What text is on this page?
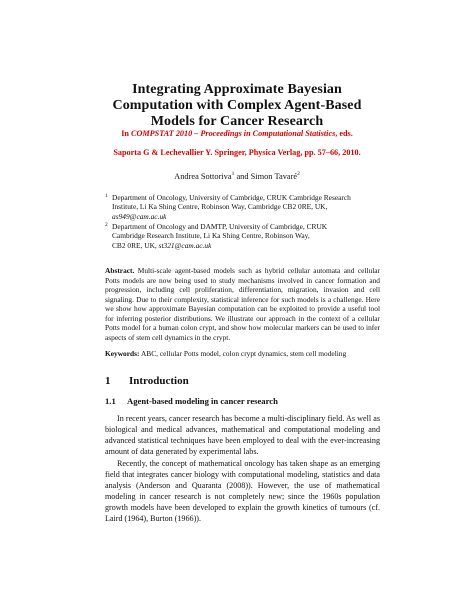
Integrating Approximate Bayesian
Computation with Complex Agent-Based
Models for Cancer Research
In COMPSTAT 2010 – Proceedings in Computational Statistics, eds.
Saporta G & Lechevallier Y. Springer, Physica Verlag, pp. 57–66, 2010.
Andrea Sottoriva$^1$ and Simon Tavaré$^2$
1 Department of Oncology, University of Cambridge, CRUK Cambridge Research
Institute, Li Ka Shing Centre, Robinson Way, Cambridge CB2 0RE, UK,
as949@cam.ac.uk
2 Department of Oncology and DAMTP, University of Cambridge, CRUK
Cambridge Research Institute, Li Ka Shing Centre, Robinson Way,
CB2 0RE, UK, st321@cam.ac.uk
Abstract. Multi-scale agent-based models such as hybrid cellular automata and cellular Potts models are now being used to study mechanisms involved in cancer formation and progression, including cell proliferation, differentiation, migration, invasion and cell signaling. Due to their complexity, statistical inference for such models is a challenge. Here we show how approximate Bayesian computation can be exploited to provide a useful tool for inferring posterior distributions. We illustrate our approach in the context of a cellular Potts model for a human colon crypt, and show how molecular markers can be used to infer aspects of stem cell dynamics in the crypt.
Keywords: ABC, cellular Potts model, colon crypt dynamics, stem cell modeling
1 Introduction
1.1 Agent-based modeling in cancer research
In recent years, cancer research has become a multi-disciplinary field. As well as biological and medical advances, mathematical and computational modeling and advanced statistical techniques have been employed to deal with the ever-increasing amount of data generated by experimental labs.
Recently, the concept of mathematical oncology has taken shape as an emerging field that integrates cancer biology with computational modeling, statistics and data analysis (Anderson and Quaranta (2008)). However, the use of mathematical modeling in cancer research is not completely new; since the 1960s population growth models have been developed to explain the growth kinetics of tumours (cf. Laird (1964), Burton (1966)).
